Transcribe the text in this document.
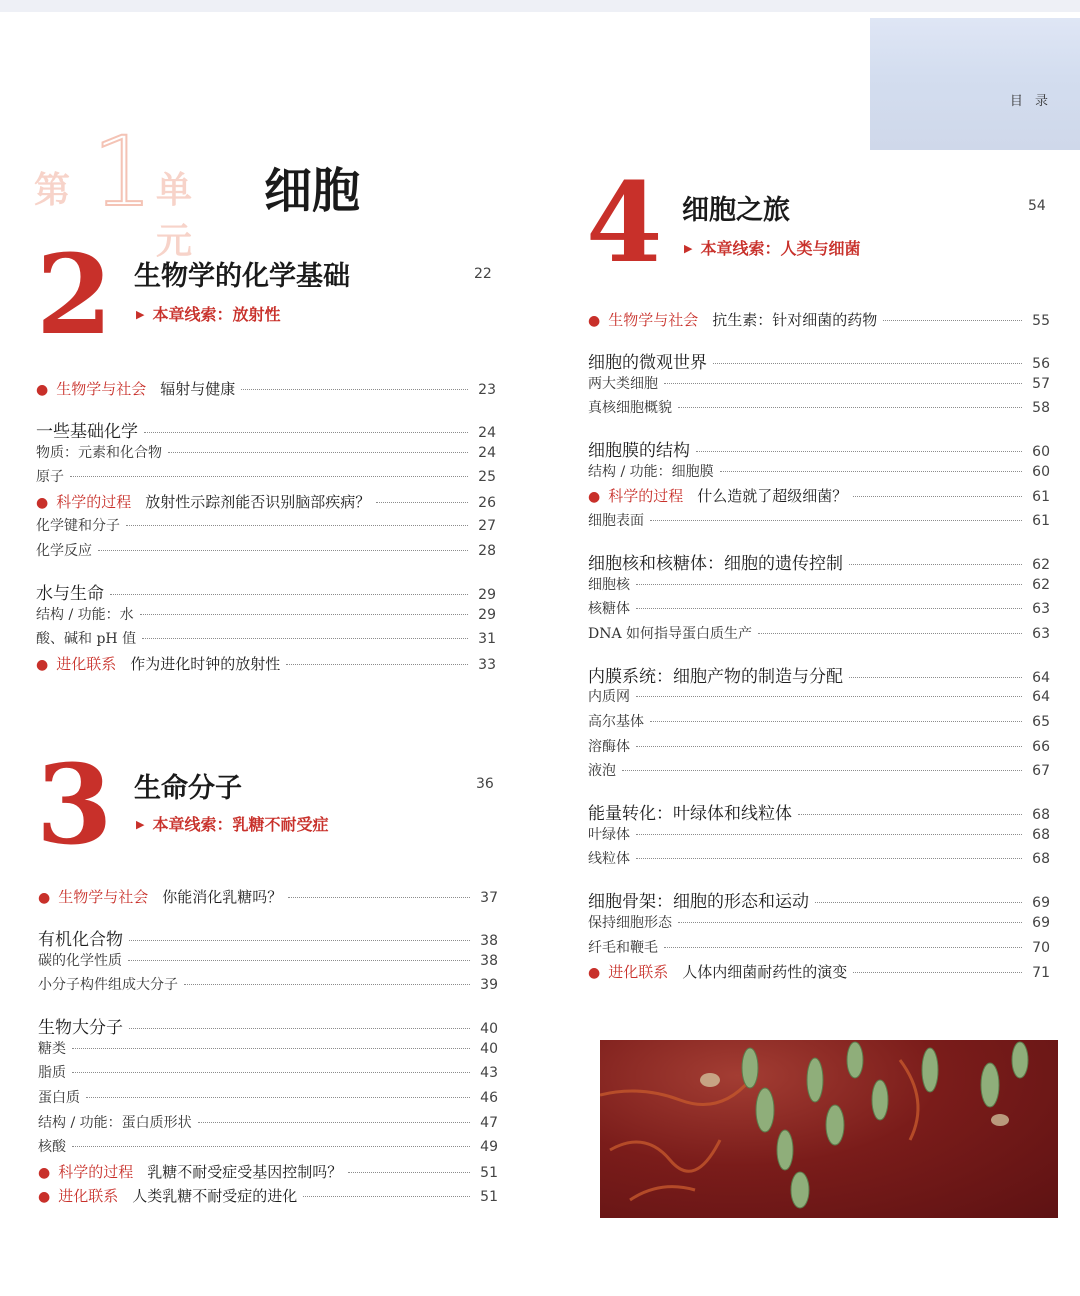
目 录
第 1 单元
细胞
2 生物学的化学基础	22
▶ 本章线索：放射性
● 生物学与社会 辐射与健康	23
一些基础化学	24
物质：元素和化合物	24
原子	25
● 科学的过程 放射性示踪剂能否识别脑部疾病？	26
化学键和分子	27
化学反应	28
水与生命	29
结构 / 功能：水	29
酸、碱和 pH 值	31
● 进化联系 作为进化时钟的放射性	33
3 生命分子	36
▶ 本章线索：乳糖不耐受症
● 生物学与社会 你能消化乳糖吗？	37
有机化合物	38
碳的化学性质	38
小分子构件组成大分子	39
生物大分子	40
糖类	40
脂质	43
蛋白质	46
结构 / 功能：蛋白质形状	47
核酸	49
● 科学的过程 乳糖不耐受症受基因控制吗？	51
● 进化联系 人类乳糖不耐受症的进化	51
4 细胞之旅	54
▶ 本章线索：人类与细菌
● 生物学与社会 抗生素：针对细菌的药物	55
细胞的微观世界	56
两大类细胞	57
真核细胞概貌	58
细胞膜的结构	60
结构 / 功能：细胞膜	60
● 科学的过程 什么造就了超级细菌？	61
细胞表面	61
细胞核和核糖体：细胞的遗传控制	62
细胞核	62
核糖体	63
DNA 如何指导蛋白质生产	63
内膜系统：细胞产物的制造与分配	64
内质网	64
高尔基体	65
溶酶体	66
液泡	67
能量转化：叶绿体和线粒体	68
叶绿体	68
线粒体	68
细胞骨架：细胞的形态和运动	69
保持细胞形态	69
纤毛和鞭毛	70
● 进化联系 人体内细菌耐药性的演变	71
